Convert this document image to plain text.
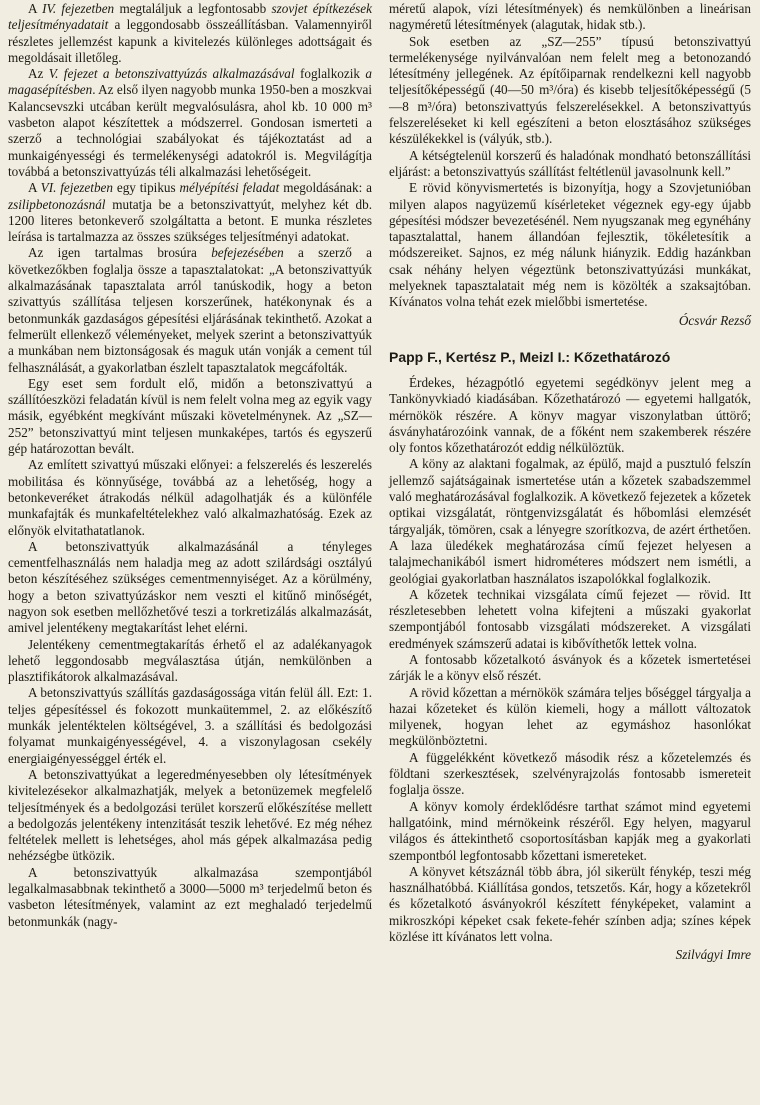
A IV. fejezetben megtaláljuk a legfontosabb szovjet építkezések teljesítményadatait a leggondosabb összeállításban. Valamennyiről részletes jellemzést kapunk a kivitelezés különleges adottságait és megoldásait illetőleg.

Az V. fejezet a betonszivattyúzás alkalmazásával foglalkozik a magasépítésben. Az első ilyen nagyobb munka 1950-ben a moszkvai Kalancsevszki utcában került megvalósulásra, ahol kb. 10 000 m³ vasbeton alapot készítettek a módszerrel. Gondosan ismerteti a szerző a technológiai szabályokat és tájékoztatást ad a munkaigényességi és termelékenységi adatokról is. Megvilágítja továbbá a betonszivattyúzás téli alkalmazási lehetőségeit.

A VI. fejezetben egy tipikus mélyépítési feladat megoldásának: a zsilipbetonozásnál mutatja be a betonszivattyút, melyhez két db. 1200 literes betonkeverő szolgáltatta a betont. E munka részletes leírása is tartalmazza az összes szükséges teljesítményi adatokat.

Az igen tartalmas brosúra befejezésében a szerző a következőkben foglalja össze a tapasztalatokat: „A betonszivattyúk alkalmazásának tapasztalata arról tanúskodik, hogy a beton szivattyús szállítása teljesen korszerűnek, hatékonynak és a betonmunkák gazdaságos gépesítési eljárásának tekinthető. Azokat a felmerült ellenkező véleményeket, melyek szerint a betonszivattyúk a munkában nem biztonságosak és maguk után vonják a cement túl felhasználását, a gyakorlatban észlelt tapasztalatok megcáfolták.

Egy eset sem fordult elő, midőn a betonszivattyú a szállítóeszközi feladatán kívül is nem felelt volna meg az egyik vagy másik, egyébként megkívánt műszaki követelménynek. Az „SZ—252” betonszivattyú mint teljesen munkaképes, tartós és egyszerű gép határozottan bevált.

Az említett szivattyú műszaki előnyei: a felszerelés és leszerelés mobilitása és könnyűsége, továbbá az a lehetőség, hogy a betonkeveréket átrakodás nélkül adagolhatják és a különféle munkafajták és munkafeltételekhez való alkalmazhatóság. Ezek az előnyök elvitathatatlanok.

A betonszivattyúk alkalmazásánál a tényleges cementfelhasználás nem haladja meg az adott szilárdsági osztályú beton készítéséhez szükséges cementmennyiséget. Az a körülmény, hogy a beton szivattyúzáskor nem veszti el kitűnő minőségét, nagyon sok esetben mellőzhetővé teszi a torkretizálás alkalmazását, amivel jelentékeny megtakarítást lehet elérni.

Jelentékeny cementmegtakarítás érhető el az adalékanyagok lehető leggondosabb megválasztása útján, nemkülönben a plasztifikátorok alkalmazásával.

A betonszivattyús szállítás gazdaságossága vitán felül áll. Ezt: 1. teljes gépesítéssel és fokozott munkaütemmel, 2. az előkészítő munkák jelentéktelen költségével, 3. a szállítási és bedolgozási folyamat munkaigényességével, 4. a viszonylagosan csekély energiaigényességgel érték el.

A betonszivattyúkat a legeredményesebben oly létesítmények kivitelezésekor alkalmazhatják, melyek a betonüzemek megfelelő teljesítmények és a bedolgozási terület korszerű előkészítése mellett a bedolgozás jelentékeny intenzitását teszik lehetővé. Ez még néhez feltételek mellett is lehetséges, ahol más gépek alkalmazása pedig nehézségbe ütközik.

A betonszivattyúk alkalmazása szempontjából legalkalmasabbnak tekinthető a 3000—5000 m³ terjedelmű beton és vasbeton létesítmények, valamint az ezt meghaladó terjedelmű betonmunkák (nagy-

méretű alapok, vízi létesítmények) és nemkülönben a lineárisan nagyméretű létesítmények (alagutak, hidak stb.).

Sok esetben az „SZ—255” típusú betonszivattyú termelékenysége nyilvánvalóan nem felelt meg a betonozandó létesítmény jellegének. Az építőiparnak rendelkezni kell nagyobb teljesítőképességű (40—50 m³/óra) és kisebb teljesítőképességű (5—8 m³/óra) betonszivattyús felszerelésekkel. A betonszivattyús felszereléseket ki kell egészíteni a beton elosztásához szükséges készülékekkel is (vályúk, stb.).

A kétségtelenül korszerű és haladónak mondható betonszállítási eljárást: a betonszivattyús szállítást feltétlenül javasolnunk kell.”

E rövid könyvismertetés is bizonyítja, hogy a Szovjetunióban milyen alapos nagyüzemű kísérleteket végeznek egy-egy újabb gépesítési módszer bevezetésénél. Nem nyugszanak meg egynéhány tapasztalattal, hanem állandóan fejlesztik, tökéletesítik a módszereiket. Sajnos, ez még nálunk hiányzik. Eddig hazánkban csak néhány helyen végeztünk betonszivattyúzási munkákat, melyeknek tapasztalatait még nem is közölték a szaksajtóban. Kívánatos volna tehát ezek mielőbbi ismertetése.

Ócsvár Rezső
Papp F., Kertész P., Meizl I.: Kőzethatározó

Érdekes, hézagpótló egyetemi segédkönyv jelent meg a Tankönyvkiadó kiadásában. Kőzethatározó — egyetemi hallgatók, mérnökök részére. A könyv magyar viszonylatban úttörő; ásványhatározóink vannak, de a főként nem szakemberek részére oly fontos kőzethatározót eddig nélkülöztük.

A köny az alaktani fogalmak, az épülő, majd a pusztuló felszín jellemző sajátságainak ismertetése után a kőzetek szabadszemmel való meghatározásával foglalkozik. A következő fejezetek a kőzetek optikai vizsgálatát, röntgenvizsgálatát és hőbomlási elemzését tárgyalják, tömören, csak a lényegre szorítkozva, de azért érthetően. A laza üledékek meghatározása című fejezet helyesen a talajmechanikából ismert hidrométeres módszert nem ismétli, a geológiai gyakorlatban használatos iszapolókkal foglalkozik.

A kőzetek technikai vizsgálata című fejezet — rövid. Itt részletesebben lehetett volna kifejteni a műszaki gyakorlat szempontjából fontosabb vizsgálati módszereket. A vizsgálati eredmények számszerű adatai is kibővíthetők lettek volna.

A fontosabb kőzetalkotó ásványok és a kőzetek ismertetései zárják le a könyv első részét.

A rövid kőzettan a mérnökök számára teljes bőséggel tárgyalja a hazai kőzeteket és külön kiemeli, hogy a mállott változatok milyenek, hogyan lehet az egymáshoz hasonlókat megkülönböztetni.

A függelékként következő második rész a kőzetelemzés és földtani szerkesztések, szelvényrajzolás fontosabb ismereteit foglalja össze.

A könyv komoly érdeklődésre tarthat számot mind egyetemi hallgatóink, mind mérnökeink részéről. Egy helyen, magyarul világos és áttekinthető csoportosításban kapják meg a gyakorlati szempontból legfontosabb kőzettani ismereteket.

A könyvet kétszáznál több ábra, jól sikerült fénykép, teszi még használhatóbbá. Kiállítása gondos, tetszetős. Kár, hogy a kőzetekről és kőzetalkotó ásványokról készített fényképeket, valamint a mikroszkópi képeket csak fekete-fehér színben adja; színes képek közlése itt kívánatos lett volna.

Szilvágyi Imre
